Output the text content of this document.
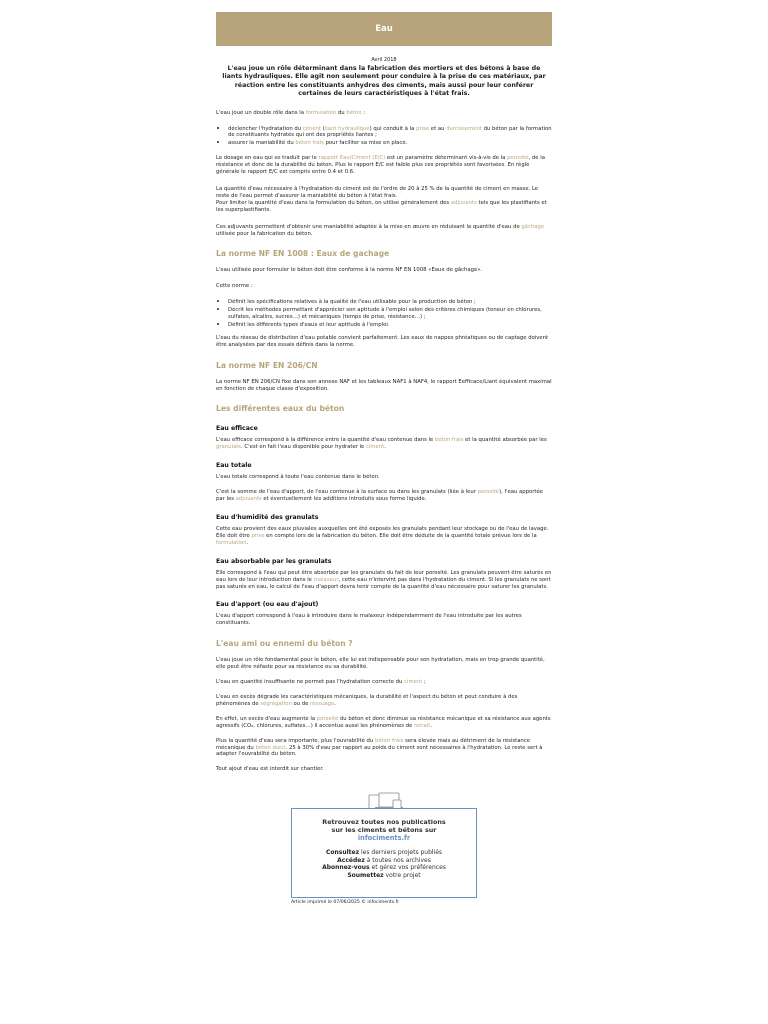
Eau
Avril 2018
L'eau joue un rôle déterminant dans la fabrication des mortiers et des bétons à base de liants hydrauliques. Elle agit non seulement pour conduire à la prise de ces matériaux, par réaction entre les constituants anhydres des ciments, mais aussi pour leur conférer certaines de leurs caractéristiques à l'état frais.

L'eau joue un double rôle dans la formulation du béton :

• déclencher l'hydratation du ciment (liant hydraulique) qui conduit à la prise et au durcissement du béton par la formation de constituants hydratés qui ont des propriétés liantes ;
• assurer la maniabilité du béton frais pour faciliter sa mise en place.

Le dosage en eau qui se traduit par le rapport Eau/Ciment (E/C) est un paramètre déterminant vis-à-vis de la porosité, de la résistance et donc de la durabilité du béton. Plus le rapport E/C est faible plus ces propriétés sont favorisées. En règle générale le rapport E/C est compris entre 0.4 et 0.6.

La quantité d'eau nécessaire à l'hydratation du ciment est de l'ordre de 20 à 25 % de la quantité de ciment en masse. Le reste de l'eau permet d'assurer la maniabilité du béton à l'état frais.
Pour limiter la quantité d'eau dans la formulation du béton, on utilise généralement des adjuvants tels que les plastifiants et les superplastifiants.

Ces adjuvants permettent d'obtenir une maniabilité adaptée à la mise en œuvre en réduisant la quantité d'eau de gâchage utilisée pour la fabrication du béton.

La norme NF EN 1008 : Eaux de gachage

L'eau utilisée pour formuler le béton doit être conforme à la norme NF EN 1008 «Eaux de gâchage».

Cette norme :

• Définit les spécifications relatives à la qualité de l'eau utilisable pour la production de béton ;
• Décrit les méthodes permettant d'apprécier son aptitude à l'emploi selon des critères chimiques (teneur en chlorures, sulfates, alcalins, sucres…) et mécaniques (temps de prise, résistance…) ;
• Définit les différents types d'eaux et leur aptitude à l'emploi.

L'eau du réseau de distribution d'eau potable convient parfaitement. Les eaux de nappes phréatiques ou de captage doivent être analysées par des essais définis dans la norme.

La norme NF EN 206/CN

La norme NF EN 206/CN fixe dans son annexe NAF et les tableaux NAF1 à NAF4, le rapport Eefficace/Liant équivalent maximal en fonction de chaque classe d'exposition.

Les différentes eaux du béton
Eau efficace

L'eau efficace correspond à la différence entre la quantité d'eau contenue dans le béton frais et la quantité absorbée par les granulats. C'est en fait l'eau disponible pour hydrater le ciment.

Eau totale

L'eau totale correspond à toute l'eau contenue dans le béton.

C'est la somme de l'eau d'apport, de l'eau contenue à la surface ou dans les granulats (liée à leur porosité), l'eau apportée par les adjuvants et éventuellement les additions introduits sous forme liquide.

Eau d'humidité des granulats

Cette eau provient des eaux pluviales auxquelles ont été exposés les granulats pendant leur stockage ou de l'eau de lavage. Elle doit être prise en compte lors de la fabrication du béton. Elle doit être déduite de la quantité totale prévue lors de la formulation.

Eau absorbable par les granulats

Elle correspond à l'eau qui peut être absorbée par les granulats du fait de leur porosité. Les granulats peuvent être saturés en eau lors de leur introduction dans le malaxeur, cette eau n'intervint pas dans l'hydratation du ciment. Si les granulats ne sont pas saturés en eau, le calcul de l'eau d'apport devra tenir compte de la quantité d'eau nécessaire pour saturer les granulats.

Eau d'apport (ou eau d'ajout)

L'eau d'apport correspond à l'eau à introduire dans le malaxeur indépendamment de l'eau introduite par les autres constituants.

L'eau ami ou ennemi du béton ?

L'eau joue un rôle fondamental pour le béton, elle lui est indispensable pour son hydratation, mais en trop grande quantité, elle peut être néfaste pour sa résistance ou sa durabilité.

L'eau en quantité insuffisante ne permet pas l'hydratation correcte du ciment ;

L'eau en excès dégrade les caractéristiques mécaniques, la durabilité et l'aspect du béton et peut conduire à des phénomènes de ségrégation ou de ressuage.

En effet, un excès d'eau augmente la porosité du béton et donc diminue sa résistance mécanique et sa résistance aux agents agressifs (CO₂, chlorures, sulfates…) il accentue aussi les phénomènes de retrait.

Plus la quantité d'eau sera importante, plus l'ouvrabilité du béton frais sera élevée mais au détriment de la résistance mécanique du béton durci. 25 à 30% d'eau par rapport au poids du ciment sont nécessaires à l'hydratation. Le reste sert à adapter l'ouvrabilité du béton.

Tout ajout d'eau est interdit sur chantier.

Retrouvez toutes nos publications
sur les ciments et bétons sur
infociments.fr
Consultez les derniers projets publiés
Accédez à toutes nos archives
Abonnez-vous et gérez vos préférences
Soumettez votre projet
Article imprimé le 07/06/2025 © infociments.fr
